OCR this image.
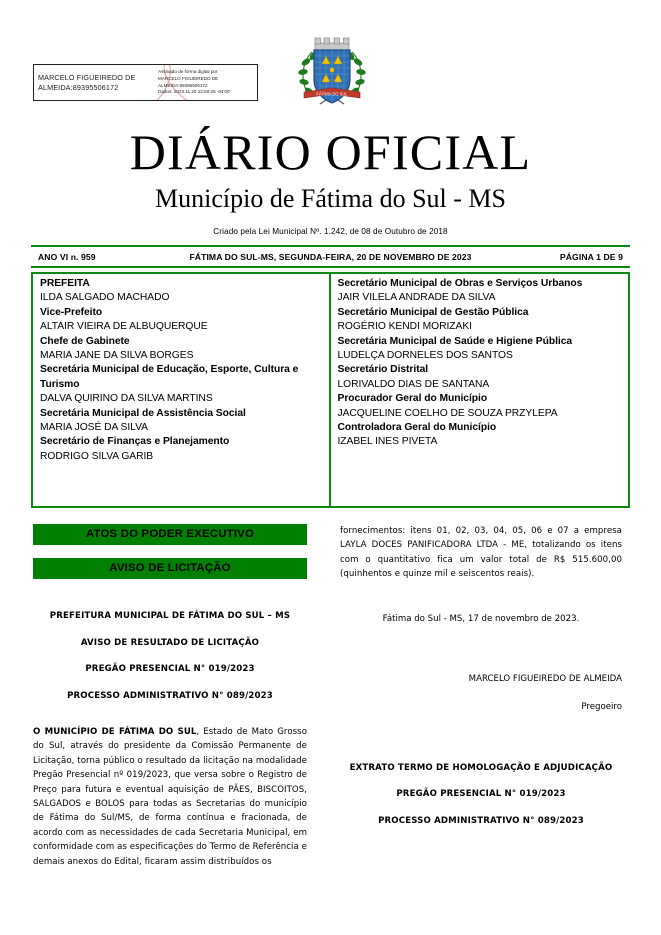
MARCELO FIGUEIREDO DE ALMEIDA:89395506172
Assinado de forma digital por
MARCELO FIGUEIREDO DE
ALMEIDA:89395506172
Dados: 2023.11.20 12:50:25 -04'00'	FÁTIMA DO SUL
DIÁRIO OFICIAL
Município de Fátima do Sul - MS
Criado pela Lei Municipal Nº. 1.242, de 08 de Outubro de 2018
ANO VI n. 959	FÁTIMA DO SUL-MS, SEGUNDA-FEIRA, 20 DE NOVEMBRO DE 2023	PÁGINA 1 DE 9
PREFEITA
ILDA SALGADO MACHADO
Vice-Prefeito
ALTAIR VIEIRA DE ALBUQUERQUE
Chefe de Gabinete
MARIA JANE DA SILVA BORGES
Secretária Municipal de Educação, Esporte, Cultura e Turismo
DALVA QUIRINO DA SILVA MARTINS
Secretária Municipal de Assistência Social
MARIA JOSÉ DA SILVA
Secretário de Finanças e Planejamento
RODRIGO SILVA GARIB
Secretário Municipal de Obras e Serviços Urbanos
JAIR VILELA ANDRADE DA SILVA
Secretário Municipal de Gestão Pública
ROGÉRIO KENDI MORIZAKI
Secretária Municipal de Saúde e Higiene Pública
LUDELÇA DORNELES DOS SANTOS
Secretário Distrital
LORIVALDO DIAS DE SANTANA
Procurador Geral do Município
JACQUELINE COELHO DE SOUZA PRZYLEPA
Controladora Geral do Município
IZABEL INES PIVETA
ATOS DO PODER EXECUTIVO
AVISO DE LICITAÇÃO
PREFEITURA MUNICIPAL DE FÁTIMA DO SUL – MS
AVISO DE RESULTADO DE LICITAÇÃO
PREGÃO PRESENCIAL N° 019/2023
PROCESSO ADMINISTRATIVO N° 089/2023
O MUNICÍPIO DE FÁTIMA DO SUL, Estado de Mato Grosso do Sul, através do presidente da Comissão Permanente de Licitação, torna público o resultado da licitação na modalidade Pregão Presencial nº 019/2023, que versa sobre o Registro de Preço para futura e eventual aquisição de PÃES, BISCOITOS, SALGADOS e BOLOS para todas as Secretarias do município de Fátima do Sul/MS, de forma contínua e fracionada, de acordo com as necessidades de cada Secretaria Municipal, em conformidade com as especificações do Termo de Referência e demais anexos do Edital, ficaram assim distribuídos os
fornecimentos: itens 01, 02, 03, 04, 05, 06 e 07 a empresa LAYLA DOCES PANIFICADORA LTDA - ME, totalizando os itens com o quantitativo fica um valor total de R$ 515.600,00 (quinhentos e quinze mil e seiscentos reais).
Fátima do Sul - MS, 17 de novembro de 2023.
MARCELO FIGUEIREDO DE ALMEIDA
Pregoeiro
EXTRATO TERMO DE HOMOLOGAÇÃO E ADJUDICAÇÃO
PREGÃO PRESENCIAL N° 019/2023
PROCESSO ADMINISTRATIVO N° 089/2023
